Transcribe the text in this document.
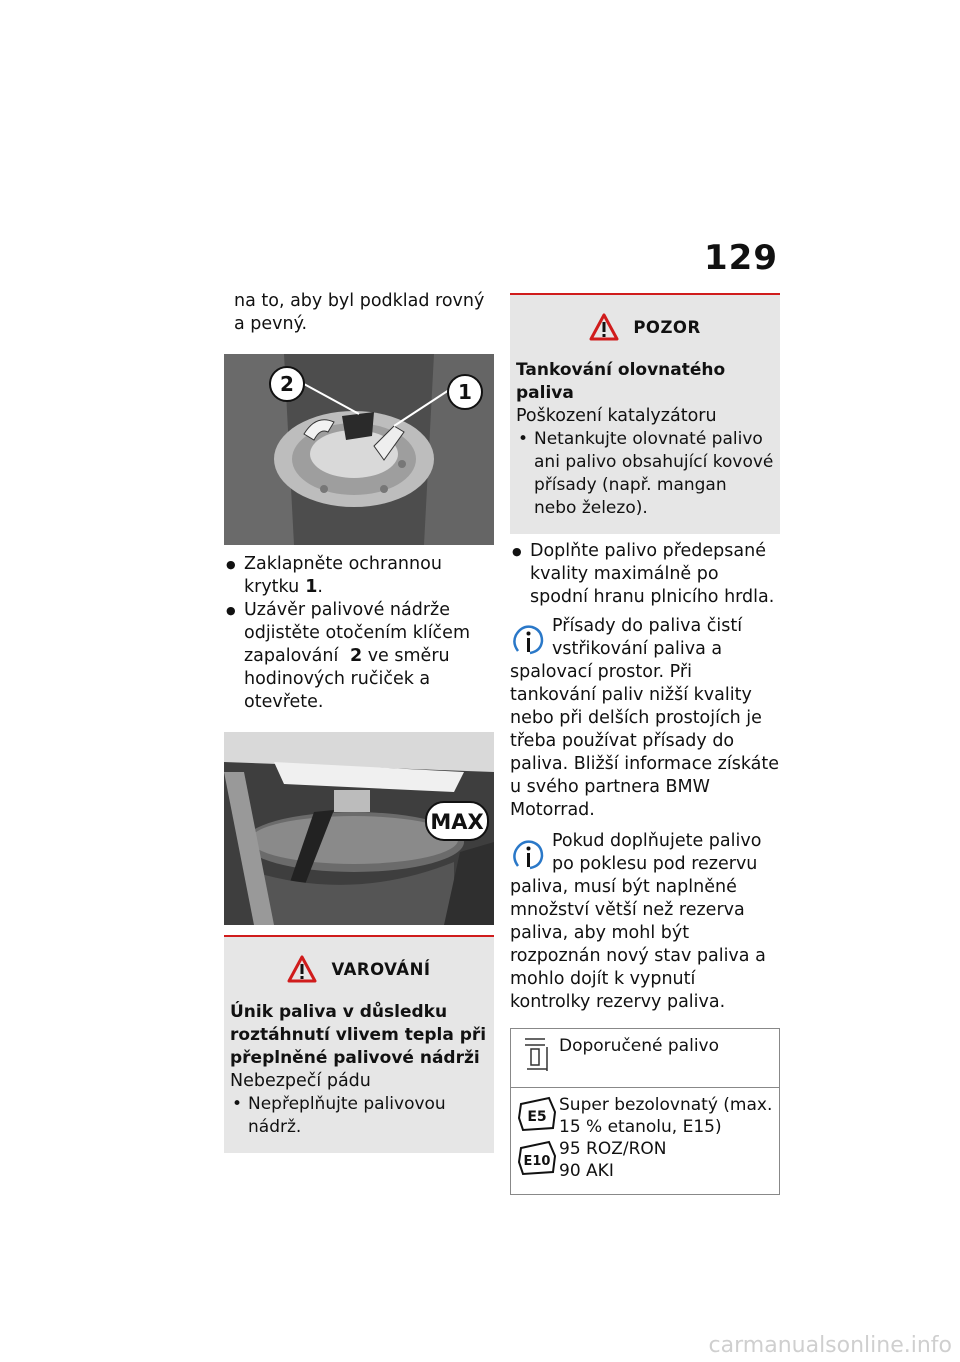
129

na to, aby byl podklad rovný

a pevný.

2	1
● Zaklapněte ochrannou krytku 1.
● Uzávěr palivové nádrže odjistěte otočením klíčem zapalování 2 ve směru hodinových ručiček a otevřete.
MAX
VAROVÁNÍ

Únik paliva v důsledku roztáhnutí vlivem tepla při přeplněné palivové nádrži

Nebezpečí pádu

• Nepřeplňujte palivovou nádrž.
POZOR

Tankování olovnatého paliva

Poškození katalyzátoru

• Netankujte olovnaté palivo ani palivo obsahující kovové přísady (např. mangan nebo železo).
● Doplňte palivo předepsané kvality maximálně po spodní hranu plnicího hrdla.
Přísady do paliva čistí vstřikování paliva a spalovací prostor. Při tankování paliv nižší kvality nebo při delších prostojích je třeba používat přísady do paliva. Bližší informace získáte u svého partnera BMW Motorrad.
Pokud doplňujete palivo po poklesu pod rezervu paliva, musí být naplněné množství větší než rezerva paliva, aby mohl být rozpoznán nový stav paliva a mohlo dojít k vypnutí kontrolky rezervy paliva.

Doporučené palivo

E5
E10

Super bezolovnatý (max.

15 % etanolu, E15)

95 ROZ/RON

90 AKI

carmanualsonline.info
